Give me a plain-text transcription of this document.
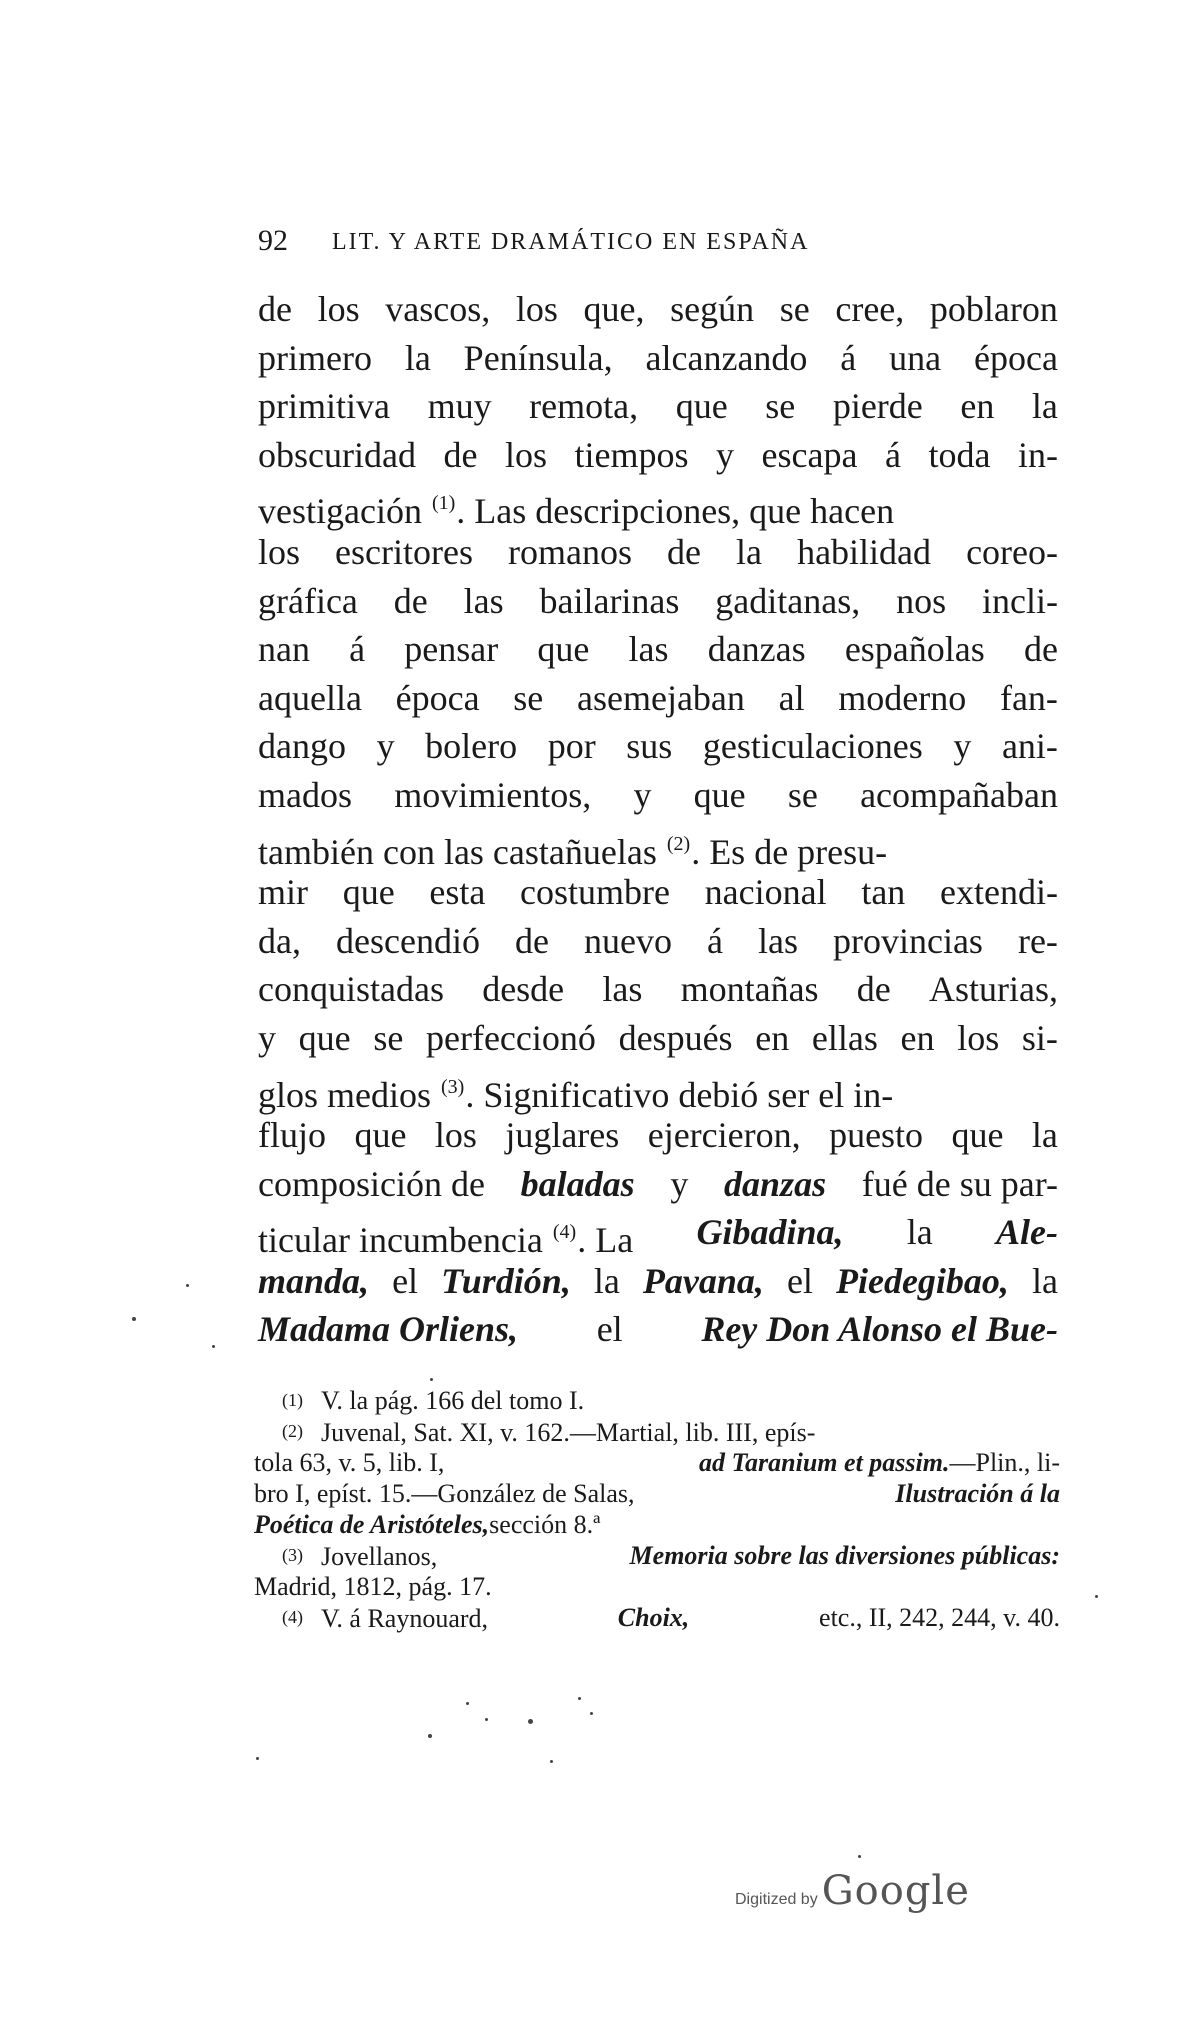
92 LIT. Y ARTE DRAMÁTICO EN ESPAÑA
de los vascos, los que, según se cree, poblaron
primero la Península, alcanzando á una época
primitiva muy remota, que se pierde en la
obscuridad de los tiempos y escapa á toda in-
vestigación $^{(1)}$. Las descripciones, que hacen
los escritores romanos de la habilidad coreo-
gráfica de las bailarinas gaditanas, nos incli-
nan á pensar que las danzas españolas de
aquella época se asemejaban al moderno fan-
dango y bolero por sus gesticulaciones y ani-
mados movimientos, y que se acompañaban
también con las castañuelas $^{(2)}$. Es de presu-
mir que esta costumbre nacional tan extendi-
da, descendió de nuevo á las provincias re-
conquistadas desde las montañas de Asturias,
y que se perfeccionó después en ellas en los si-
glos medios $^{(3)}$. Significativo debió ser el in-
flujo que los juglares ejercieron, puesto que la
composición de baladas y danzas fué de su par-
ticular incumbencia $^{(4)}$. La Gibadina, la Ale-
manda, el Turdión, la Pavana, el Piedegibao, la
Madama Orliens, el Rey Don Alonso el Bue-
(1) V. la pág. 166 del tomo I.
(2) Juvenal, Sat. XI, v. 162.—Martial, lib. III, epís-
tola 63, v. 5, lib. I,	ad Taranium et passim.—Plin., li-
bro I, epíst. 15.—González de Salas,	Ilustración á la
Poética de Aristóteles, sección 8.ª
(3) Jovellanos,	Memoria sobre las diversiones públicas:
Madrid, 1812, pág. 17.
(4) V. á Raynouard,	Choix,	etc., II, 242, 244, v. 40.
Digitized by Google
